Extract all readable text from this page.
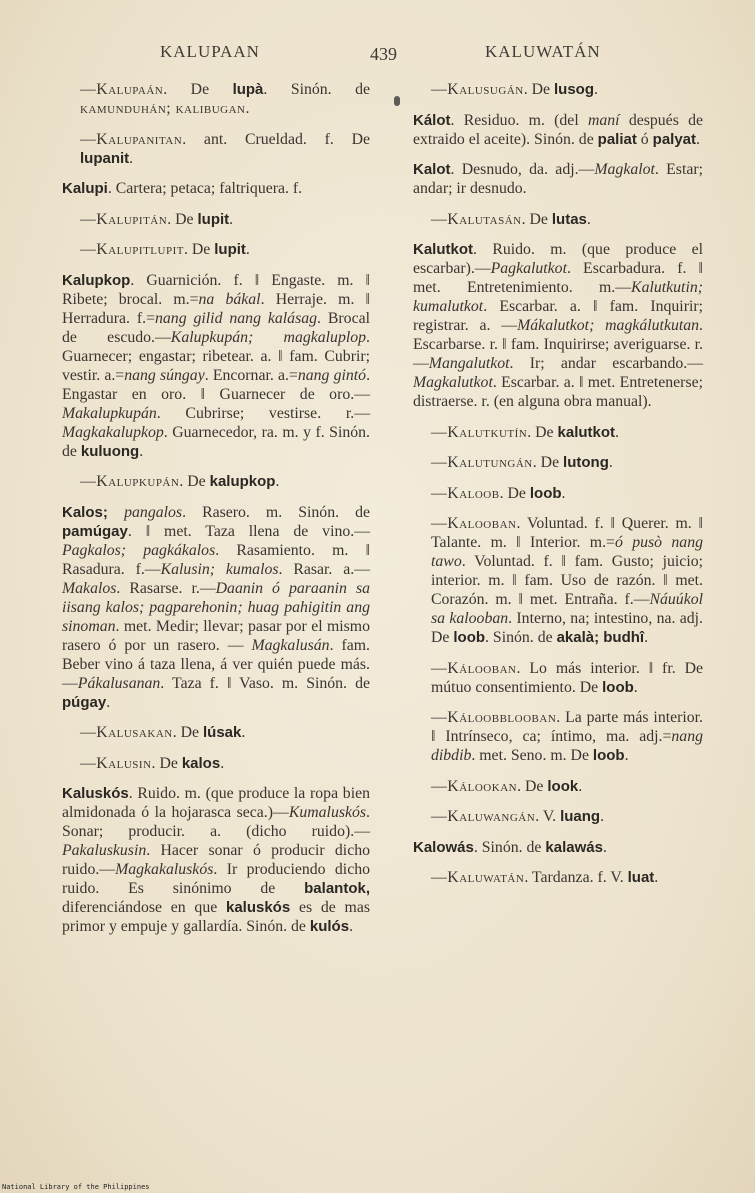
KALUPAAN	439	KALUWATÁN
—Kalupaán. De lupà. Sinón. de kamunduhán; kalibugan.
—Kalupanitan. ant. Crueldad. f. De lupanit.
Kalupi. Cartera; petaca; faltriquera. f.
—Kalupitán. De lupit.
—Kalupitlupit. De lupit.
Kalupkop. Guarnición. f. ‖ Engaste. m. ‖ Ribete; brocal. m.=na bákal. Herraje. m. ‖ Herradura. f.=nang gilid nang kalásag. Brocal de escudo.—Kalupkupán; magkaluplop. Guarnecer; engastar; ribetear. a. ‖ fam. Cubrir; vestir. a.=nang súngay. Encornar. a.=nang gintó. Engastar en oro. ‖ Guarnecer de oro.—Makalupkupán. Cubrirse; vestirse. r.—Magkakalupkop. Guarnecedor, ra. m. y f. Sinón. de kuluong.
—Kalupkupán. De kalupkop.
Kalos; pangalos. Rasero. m. Sinón. de pamúgay. ‖ met. Taza llena de vino.—Pagkalos; pagkákalos. Rasamiento. m. ‖ Rasadura. f.—Kalusin; kumalos. Rasar. a.—Makalos. Rasarse. r.—Daanin ó paraanin sa iisang kalos; pagparehonin; huag pahigitin ang sinoman. met. Medir; llevar; pasar por el mismo rasero ó por un rasero. — Magkalusán. fam. Beber vino á taza llena, á ver quién puede más.—Pákalusanan. Taza f. ‖ Vaso. m. Sinón. de púgay.
—Kalusakan. De lúsak.
—Kalusin. De kalos.
Kaluskós. Ruido. m. (que produce la ropa bien almidonada ó la hojarasca seca.)—Kumaluskós. Sonar; producir. a. (dicho ruido).—Pakaluskusin. Hacer sonar ó producir dicho ruido.—Magkakaluskós. Ir produciendo dicho ruido. Es sinónimo de balantok, diferenciándose en que kaluskós es de mas primor y empuje y gallardía. Sinón. de kulós.
—Kalusugán. De lusog.
Kálot. Residuo. m. (del maní después de extraido el aceite). Sinón. de paliat ó palyat.
Kalot. Desnudo, da. adj.—Magkalot. Estar; andar; ir desnudo.
—Kalutasán. De lutas.
Kalutkot. Ruido. m. (que produce el escarbar).—Pagkalutkot. Escarbadura. f. ‖ met. Entretenimiento. m.—Kalutkutin; kumalutkot. Escarbar. a. ‖ fam. Inquirir; registrar. a. —Mákalutkot; magkálutkutan. Escarbarse. r. ‖ fam. Inquirirse; averiguarse. r.—Mangalutkot. Ir; andar escarbando.—Magkalutkot. Escarbar. a. ‖ met. Entretenerse; distraerse. r. (en alguna obra manual).
—Kalutkutín. De kalutkot.
—Kalutungán. De lutong.
—Kaloob. De loob.
—Kalooban. Voluntad. f. ‖ Querer. m. ‖ Talante. m. ‖ Interior. m.=ó pusò nang tawo. Voluntad. f. ‖ fam. Gusto; juicio; interior. m. ‖ fam. Uso de razón. ‖ met. Corazón. m. ‖ met. Entraña. f.—Náuúkol sa kalooban. Interno, na; intestino, na. adj. De loob. Sinón. de akalà; budhî.
—Kálooban. Lo más interior. ‖ fr. De mútuo consentimiento. De loob.
—Káloobblooban. La parte más interior. ‖ Intrínseco, ca; íntimo, ma. adj.=nang dibdib. met. Seno. m. De loob.
—Kálookan. De look.
—Kaluwangán. V. luang.
Kalowás. Sinón. de kalawás.
—Kaluwatán. Tardanza. f. V. luat.
National Library of the Philippines
